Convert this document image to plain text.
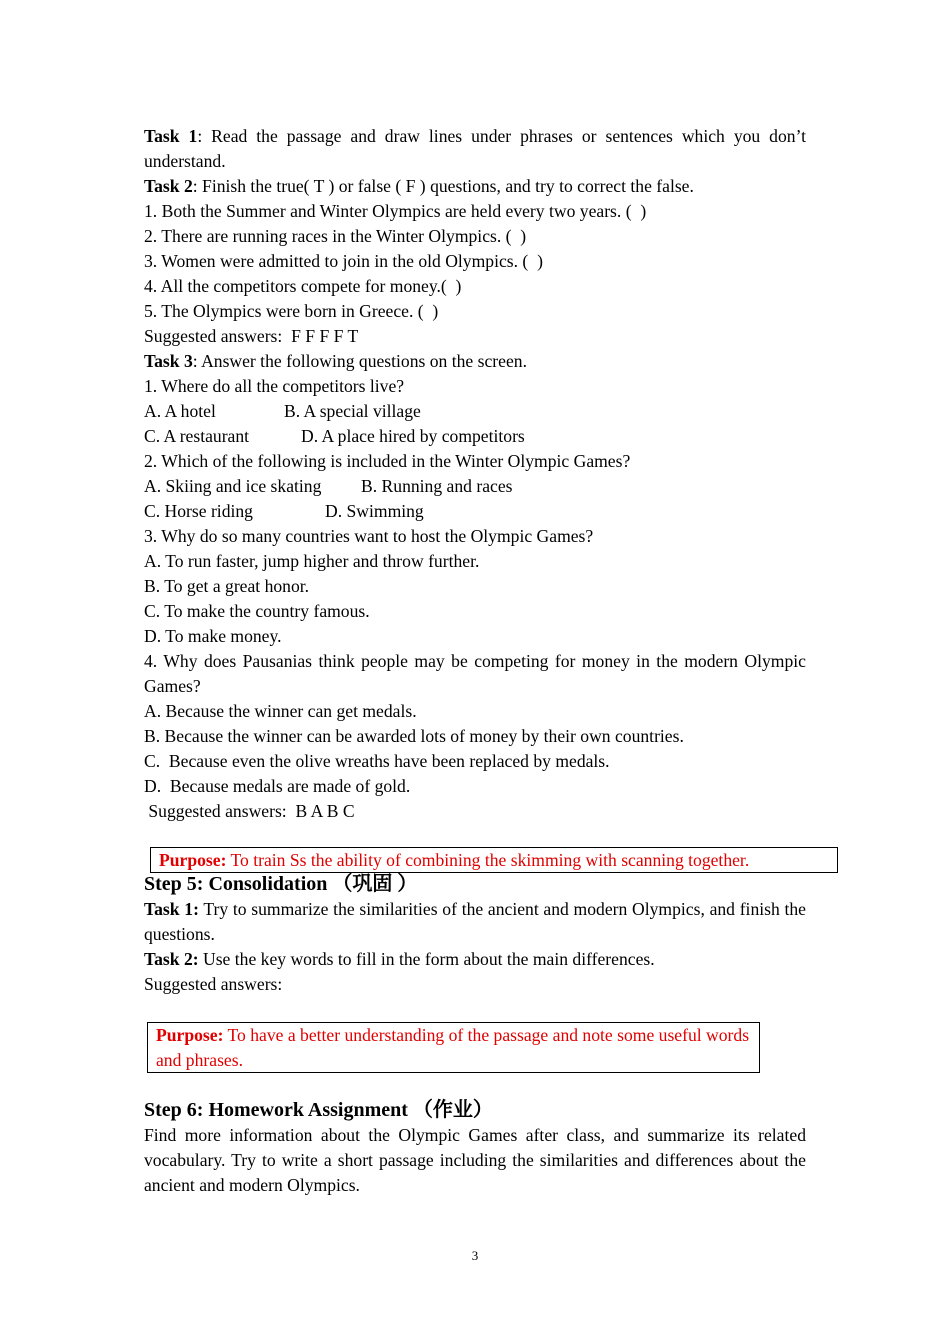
Task 1: Read the passage and draw lines under phrases or sentences which you don’t understand.
Task 2: Finish the true( T ) or false ( F ) questions, and try to correct the false.
1. Both the Summer and Winter Olympics are held every two years. (  )
2. There are running races in the Winter Olympics. (  )
3. Women were admitted to join in the old Olympics. (  )
4. All the competitors compete for money.(  )
5. The Olympics were born in Greece. (  )
Suggested answers:  F F F F T
Task 3: Answer the following questions on the screen.
1. Where do all the competitors live?
A. A hotel	B. A special village
C. A restaurant	D. A place hired by competitors
2. Which of the following is included in the Winter Olympic Games?
A. Skiing and ice skating B. Running and races
C. Horse riding	D. Swimming
3. Why do so many countries want to host the Olympic Games?
A. To run faster, jump higher and throw further.
B. To get a great honor.
C. To make the country famous.
D. To make money.
4. Why does Pausanias think people may be competing for money in the modern Olympic Games?
A. Because the winner can get medals.
B. Because the winner can be awarded lots of money by their own countries.
C.  Because even the olive wreaths have been replaced by medals.
D.  Because medals are made of gold.
Suggested answers:  B A B C
Purpose: To train Ss the ability of combining the skimming with scanning together.
Step 5: Consolidation （巩固 ）
Task 1: Try to summarize the similarities of the ancient and modern Olympics, and finish the questions.
Task 2: Use the key words to fill in the form about the main differences.
Suggested answers:
Purpose: To have a better understanding of the passage and note some useful words and phrases.
Step 6: Homework Assignment （作业）
Find more information about the Olympic Games after class, and summarize its related vocabulary. Try to write a short passage including the similarities and differences about the ancient and modern Olympics.
3
